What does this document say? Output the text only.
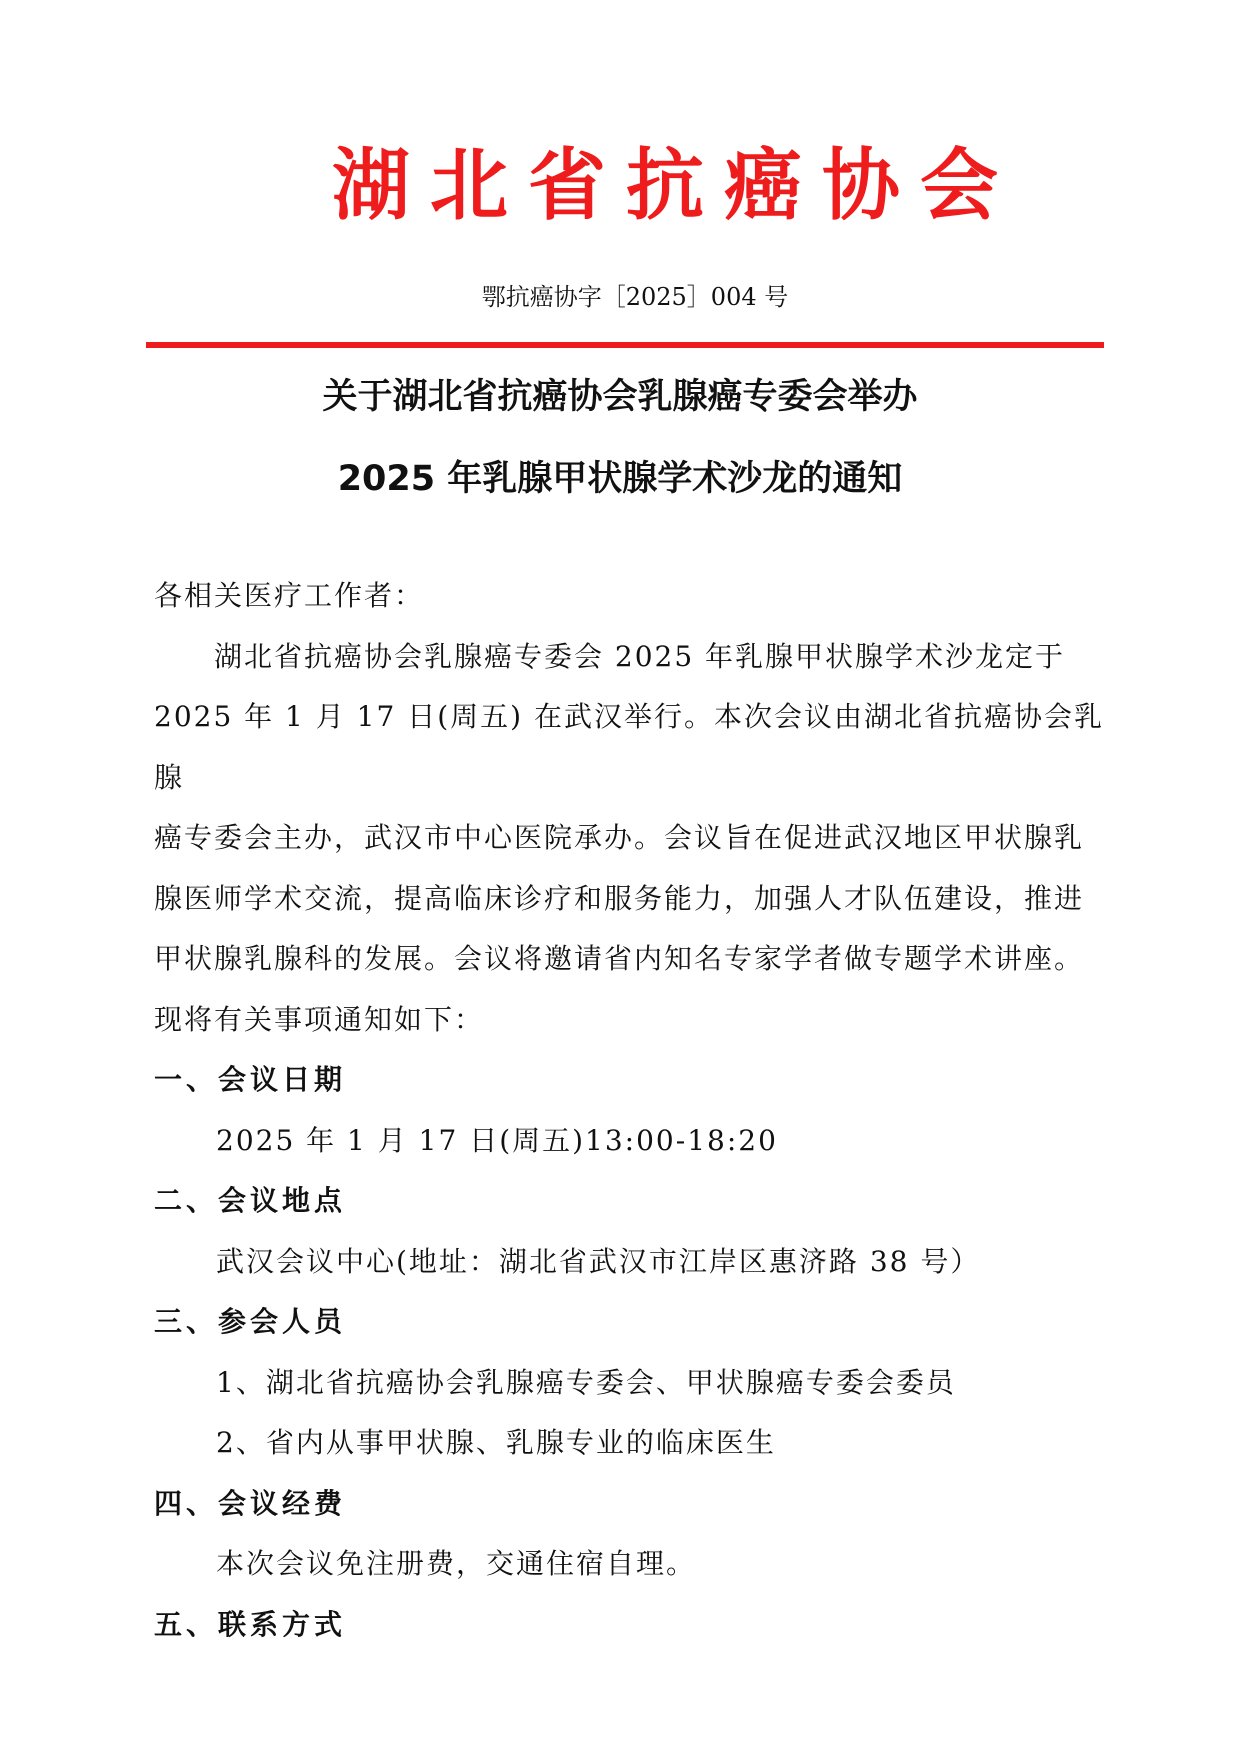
湖北省抗癌协会
鄂抗癌协字［2025］004 号
关于湖北省抗癌协会乳腺癌专委会举办
2025 年乳腺甲状腺学术沙龙的通知

各相关医疗工作者：

湖北省抗癌协会乳腺癌专委会 2025 年乳腺甲状腺学术沙龙定于

2025 年 1 月 17 日(周五) 在武汉举行。本次会议由湖北省抗癌协会乳腺

癌专委会主办，武汉市中心医院承办。会议旨在促进武汉地区甲状腺乳

腺医师学术交流，提高临床诊疗和服务能力，加强人才队伍建设，推进

甲状腺乳腺科的发展。会议将邀请省内知名专家学者做专题学术讲座。

现将有关事项通知如下：

一、会议日期

2025 年 1 月 17 日(周五)13:00-18:20

二、会议地点

武汉会议中心(地址：湖北省武汉市江岸区惠济路 38 号）

三、参会人员

1、湖北省抗癌协会乳腺癌专委会、甲状腺癌专委会委员

2、省内从事甲状腺、乳腺专业的临床医生

四、会议经费

本次会议免注册费，交通住宿自理。

五、联系方式
